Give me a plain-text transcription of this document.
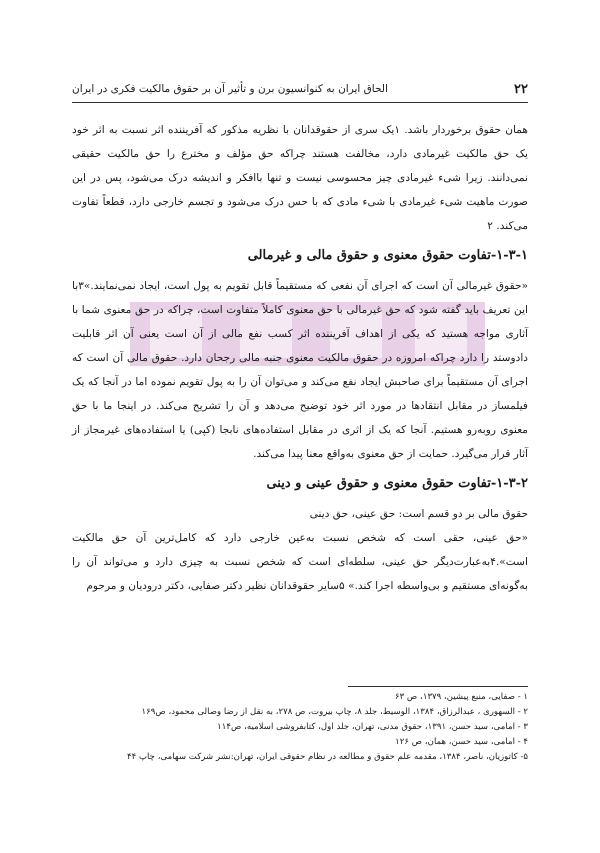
۲۲
الحاق ایران به کنوانسیون برن و تأثیر آن بر حقوق مالکیت فکری در ایران

همان حقوق برخوردار باشد. ۱یک سری از حقوقدانان با نظریه مذکور که آفریننده اثر نسبت به اثر خود یک حق مالکیت غیرمادی دارد، مخالفت هستند چراکه حق مؤلف و مخترع را حق مالکیت حقیقی نمی‌دانند. زیرا شیء غیرمادی چیز محسوسی نیست و تنها باافکر و اندیشه درک می‌شود، پس در این صورت ماهیت شیء غیرمادی با شیء مادی که با حس درک می‌شود و تجسم خارجی دارد، قطعاً تفاوت می‌کند. ۲

۱-۳-۱-تفاوت حقوق معنوی و حقوق مالی و غیرمالی

«حقوق غیرمالی آن است که اجرای آن نفعی که مستقیماً قابل تقویم به پول است، ایجاد نمی‌نمایند.»۳با این تعریف باید گفته شود که حق غیرمالی با حق معنوی کاملاً متفاوت است، چراکه در حق معنوی شما با آثاری مواجه هستید که یکی از اهداف آفریننده اثر کسب نفع مالی از آن است یعنی آن اثر قابلیت دادوستد را دارد چراکه امروزه در حقوق مالکیت معنوی جنبه مالی رجحان دارد. حقوق مالی آن است که اجرای آن مستقیماً برای صاحبش ایجاد نفع می‌کند و می‌توان آن را به پول تقویم نموده اما در آنجا که یک فیلمساز در مقابل انتقادها در مورد اثر خود توضیح می‌دهد و آن را تشریح می‌کند. در اینجا ما با حق معنوی روبه‌رو هستیم. آنجا که یک از اثری در مقابل استفاده‌های نابجا (کپی) یا استفاده‌های غیرمجاز از آثار قرار می‌گیرد. حمایت از حق معنوی به‌واقع معنا پیدا می‌کند.

۱-۳-۲-تفاوت حقوق معنوی و حقوق عینی و دینی

حقوق مالی بر دو قسم است: حق عینی، حق دینی

«حق عینی، حقی است که شخص نسبت به‌عین خارجی دارد که کامل‌ترین آن حق مالکیت است».۴به‌عبارت‌دیگر حق عینی، سلطه‌ای است که شخص نسبت به چیزی دارد و می‌تواند آن را به‌گونه‌ای مستقیم و بی‌واسطه اجرا کند.» ۵سایر حقوقدانان نظیر دکتر صفایی، دکتر درودیان و مرحوم

۱ - صفایی، منبع پیشین، ۱۳۷۹، ص ۶۳

۲ - السهوری ، عبدالرزاق، ۱۳۸۴، الوسیط، جلد ۸، چاپ بیروت، ص ۲۷۸، به نقل از رضا وصالی محمود، ص۱۶۹

۳ - امامی، سید حسن، ۱۳۹۱، حقوق مدنی، تهران، جلد اول، کتابفروشی اسلامیه، ص۱۱۴

۴ - امامی، سید حسن، همان، ص ۱۲۶

۵- کاتوزیان، ناصر، ۱۳۸۴، مقدمه علم حقوق و مطالعه در نظام حقوقی ایران، تهران:نشر شرکت سهامی، چاپ ۴۴
